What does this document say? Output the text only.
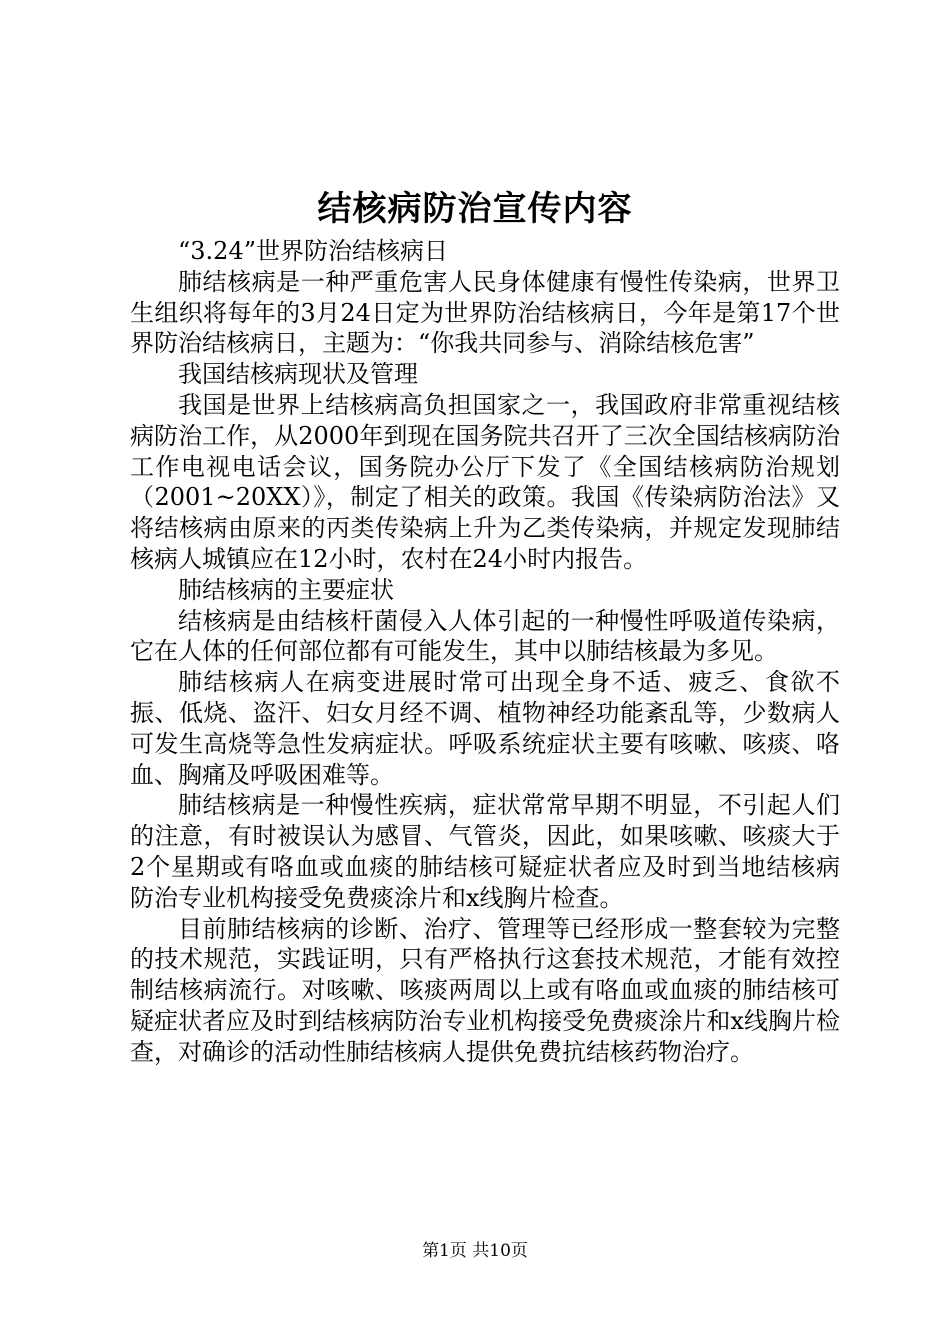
结核病防治宣传内容

“3.24”世界防治结核病日

肺结核病是一种严重危害人民身体健康有慢性传染病，世界卫生组织将每年的3月24日定为世界防治结核病日，今年是第17个世界防治结核病日，主题为：“你我共同参与、消除结核危害”

我国结核病现状及管理

我国是世界上结核病高负担国家之一，我国政府非常重视结核病防治工作，从2000年到现在国务院共召开了三次全国结核病防治工作电视电话会议，国务院办公厅下发了《全国结核病防治规划（2001~20XX）》，制定了相关的政策。我国《传染病防治法》又将结核病由原来的丙类传染病上升为乙类传染病，并规定发现肺结核病人城镇应在12小时，农村在24小时内报告。

肺结核病的主要症状

结核病是由结核杆菌侵入人体引起的一种慢性呼吸道传染病，它在人体的任何部位都有可能发生，其中以肺结核最为多见。

肺结核病人在病变进展时常可出现全身不适、疲乏、食欲不振、低烧、盗汗、妇女月经不调、植物神经功能紊乱等，少数病人可发生高烧等急性发病症状。呼吸系统症状主要有咳嗽、咳痰、咯血、胸痛及呼吸困难等。

肺结核病是一种慢性疾病，症状常常早期不明显，不引起人们的注意，有时被误认为感冒、气管炎，因此，如果咳嗽、咳痰大于2个星期或有咯血或血痰的肺结核可疑症状者应及时到当地结核病防治专业机构接受免费痰涂片和x线胸片检查。

目前肺结核病的诊断、治疗、管理等已经形成一整套较为完整的技术规范，实践证明，只有严格执行这套技术规范，才能有效控制结核病流行。对咳嗽、咳痰两周以上或有咯血或血痰的肺结核可疑症状者应及时到结核病防治专业机构接受免费痰涂片和x线胸片检查，对确诊的活动性肺结核病人提供免费抗结核药物治疗。

第1页 共10页
